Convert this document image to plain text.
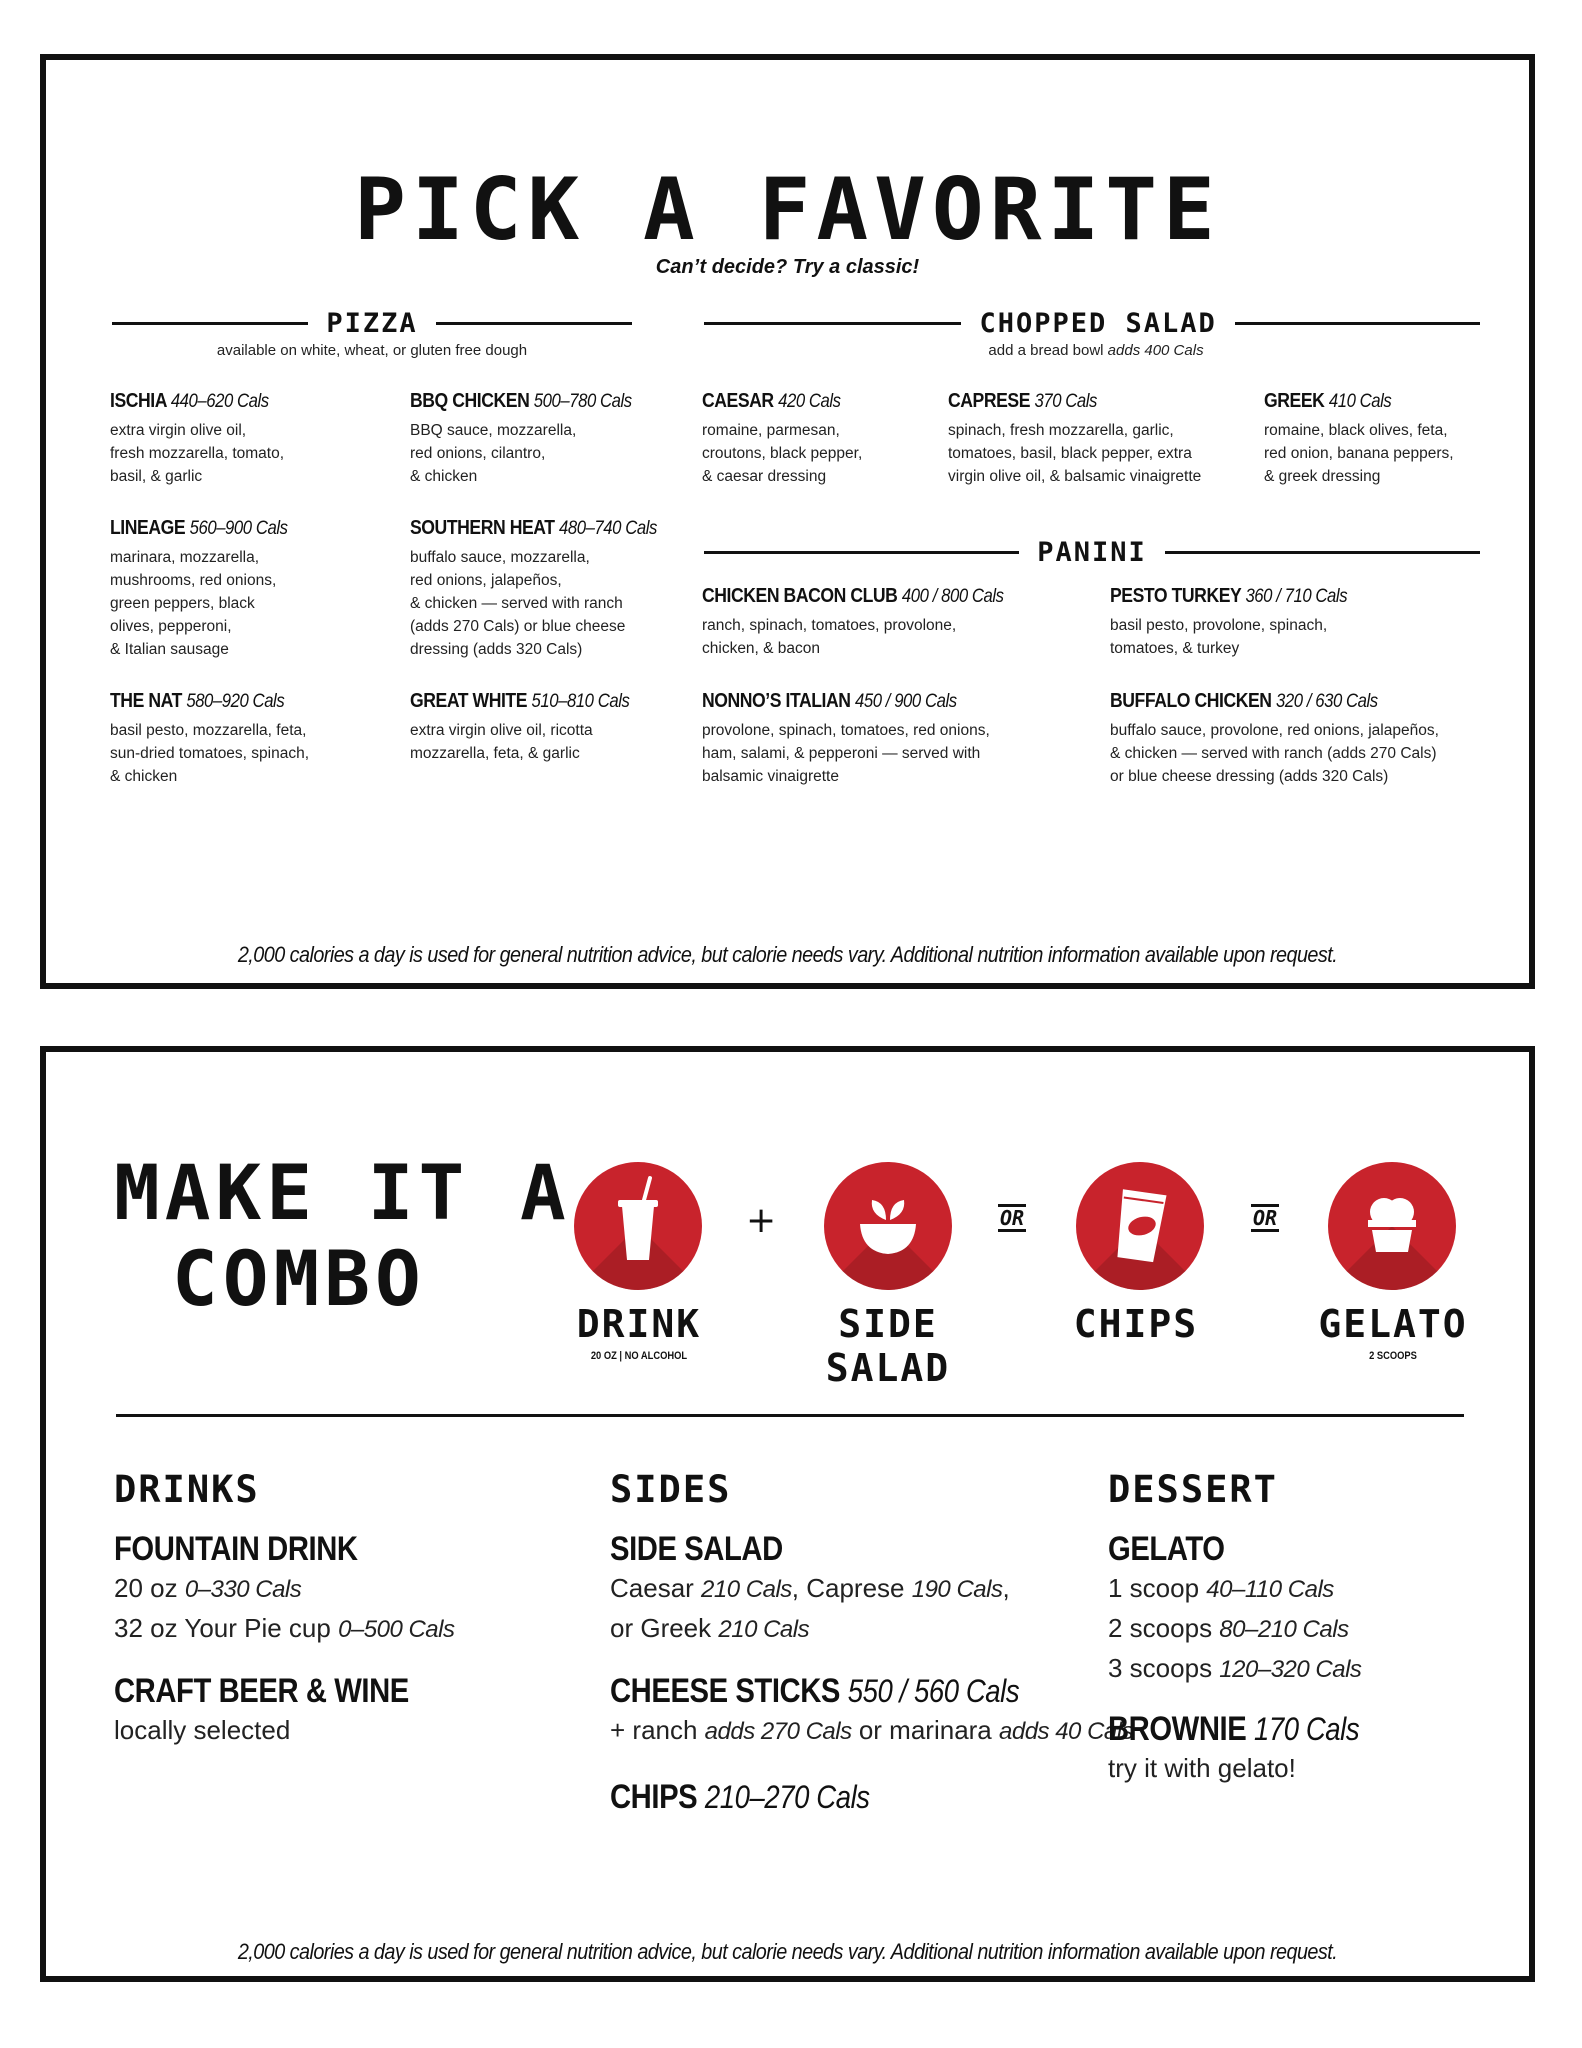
PICK A FAVORITE
Can’t decide? Try a classic!
PIZZA
available on white, wheat, or gluten free dough
CHOPPED SALAD
add a bread bowl adds 400 Cals
PANINI
ISCHIA 440–620 Cals
extra virgin olive oil,
fresh mozzarella, tomato,
basil, & garlic
BBQ CHICKEN 500–780 Cals
BBQ sauce, mozzarella,
red onions, cilantro,
& chicken
LINEAGE 560–900 Cals
marinara, mozzarella,
mushrooms, red onions,
green peppers, black
olives, pepperoni,
& Italian sausage
SOUTHERN HEAT 480–740 Cals
buffalo sauce, mozzarella,
red onions, jalapeños,
& chicken — served with ranch
(adds 270 Cals) or blue cheese
dressing (adds 320 Cals)
THE NAT 580–920 Cals
basil pesto, mozzarella, feta,
sun-dried tomatoes, spinach,
& chicken
GREAT WHITE 510–810 Cals
extra virgin olive oil, ricotta
mozzarella, feta, & garlic
CAESAR 420 Cals
romaine, parmesan,
croutons, black pepper,
& caesar dressing
CAPRESE 370 Cals
spinach, fresh mozzarella, garlic,
tomatoes, basil, black pepper, extra
virgin olive oil, & balsamic vinaigrette
GREEK 410 Cals
romaine, black olives, feta,
red onion, banana peppers,
& greek dressing
CHICKEN BACON CLUB 400 / 800 Cals
ranch, spinach, tomatoes, provolone,
chicken, & bacon
PESTO TURKEY 360 / 710 Cals
basil pesto, provolone, spinach,
tomatoes, & turkey
NONNO’S ITALIAN 450 / 900 Cals
provolone, spinach, tomatoes, red onions,
ham, salami, & pepperoni — served with
balsamic vinaigrette
BUFFALO CHICKEN 320 / 630 Cals
buffalo sauce, provolone, red onions, jalapeños,
& chicken — served with ranch (adds 270 Cals)
or blue cheese dressing (adds 320 Cals)
2,000 calories a day is used for general nutrition advice, but calorie needs vary. Additional nutrition information available upon request.
MAKE IT A
COMBO
+	OR	OR
DRINK
20 OZ | NO ALCOHOL
SIDE SALAD
CHIPS	GELATO
2 SCOOPS
DRINKS
FOUNTAIN DRINK
20 oz 0–330 Cals
32 oz Your Pie cup 0–500 Cals
CRAFT BEER & WINE
locally selected
SIDES
SIDE SALAD
Caesar 210 Cals, Caprese 190 Cals,
or Greek 210 Cals
CHEESE STICKS 550 / 560 Cals
+ ranch adds 270 Cals or marinara adds 40 Cals
CHIPS 210–270 Cals
DESSERT
GELATO
1 scoop 40–110 Cals
2 scoops 80–210 Cals
3 scoops 120–320 Cals
BROWNIE 170 Cals
try it with gelato!
2,000 calories a day is used for general nutrition advice, but calorie needs vary. Additional nutrition information available upon request.
